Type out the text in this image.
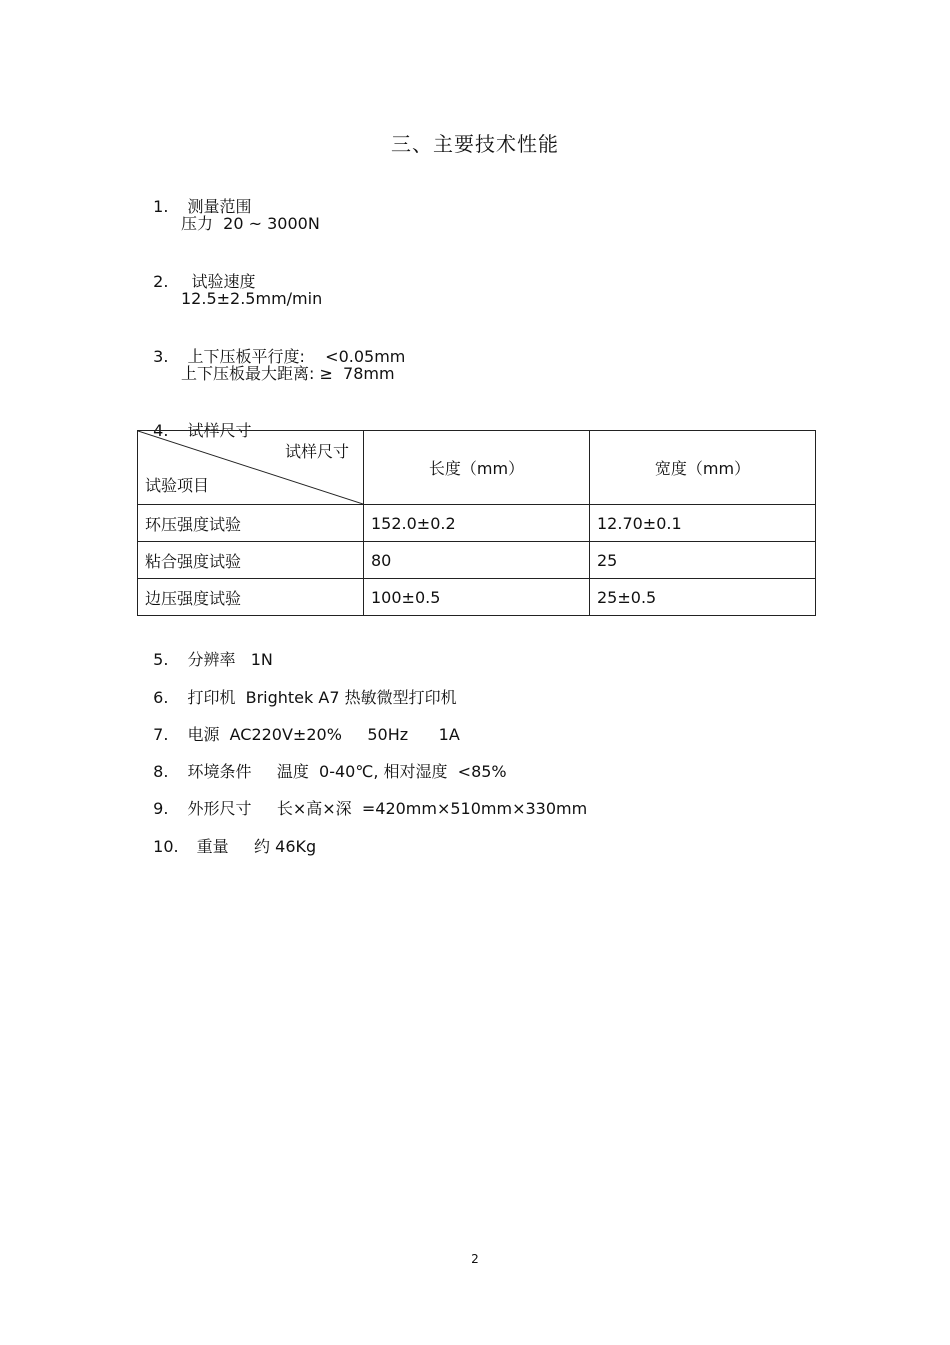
三、主要技术性能

1. 测量范围

压力  20 ~ 3000N

2. 试验速度

12.5±2.5mm/min

3. 上下压板平行度:    <0.05mm

上下压板最大距离: ≥  78mm

4. 试样尺寸

试样尺寸
试验项目	长度（mm）	宽度（mm）
环压强度试验	152.0±0.2	12.70±0.1
粘合强度试验	80	25
边压强度试验	100±0.5	25±0.5

5. 分辨率   1N

6. 打印机  Brightek A7 热敏微型打印机

7. 电源  AC220V±20%     50Hz      1A

8. 环境条件     温度  0-40℃, 相对湿度  <85%

9. 外形尺寸     长×高×深  =420mm×510mm×330mm

10. 重量     约 46Kg

2
